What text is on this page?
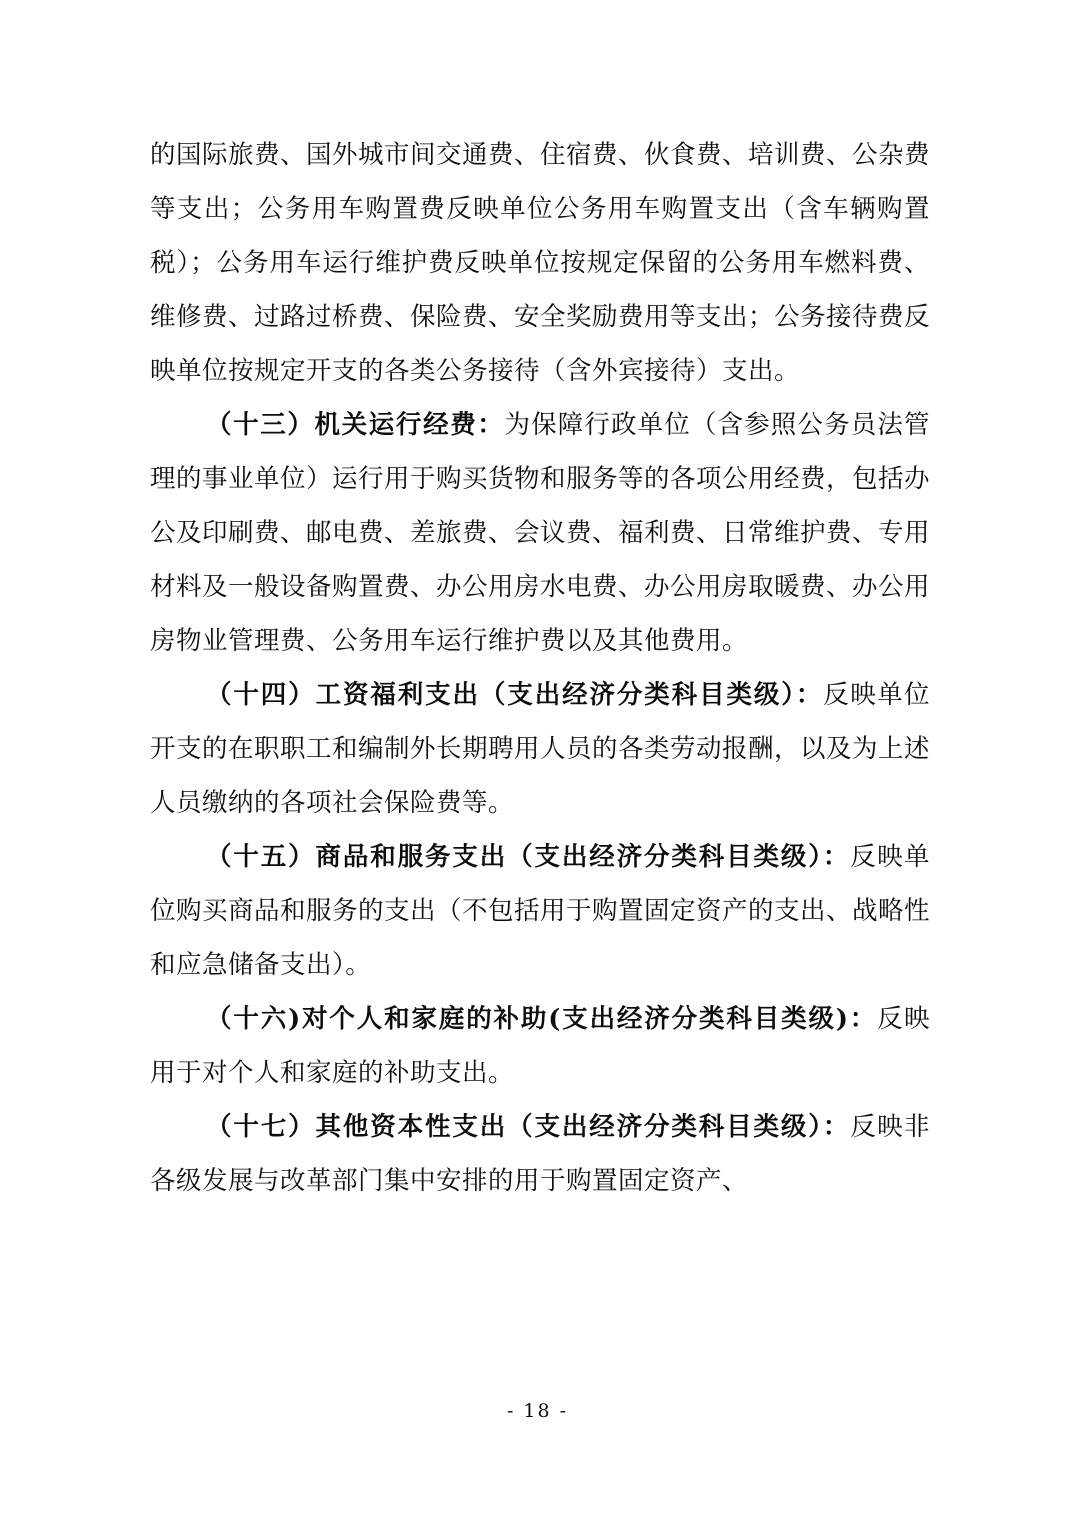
的国际旅费、国外城市间交通费、住宿费、伙食费、培训费、公杂费等支出；公务用车购置费反映单位公务用车购置支出（含车辆购置税）；公务用车运行维护费反映单位按规定保留的公务用车燃料费、维修费、过路过桥费、保险费、安全奖励费用等支出；公务接待费反映单位按规定开支的各类公务接待（含外宾接待）支出。

（十三）机关运行经费：为保障行政单位（含参照公务员法管理的事业单位）运行用于购买货物和服务等的各项公用经费，包括办公及印刷费、邮电费、差旅费、会议费、福利费、日常维护费、专用材料及一般设备购置费、办公用房水电费、办公用房取暖费、办公用房物业管理费、公务用车运行维护费以及其他费用。

（十四）工资福利支出（支出经济分类科目类级）：反映单位开支的在职职工和编制外长期聘用人员的各类劳动报酬，以及为上述人员缴纳的各项社会保险费等。

（十五）商品和服务支出（支出经济分类科目类级）：反映单位购买商品和服务的支出（不包括用于购置固定资产的支出、战略性和应急储备支出）。

（十六)对个人和家庭的补助(支出经济分类科目类级)：反映用于对个人和家庭的补助支出。

（十七）其他资本性支出（支出经济分类科目类级）：反映非各级发展与改革部门集中安排的用于购置固定资产、

- 18 -
